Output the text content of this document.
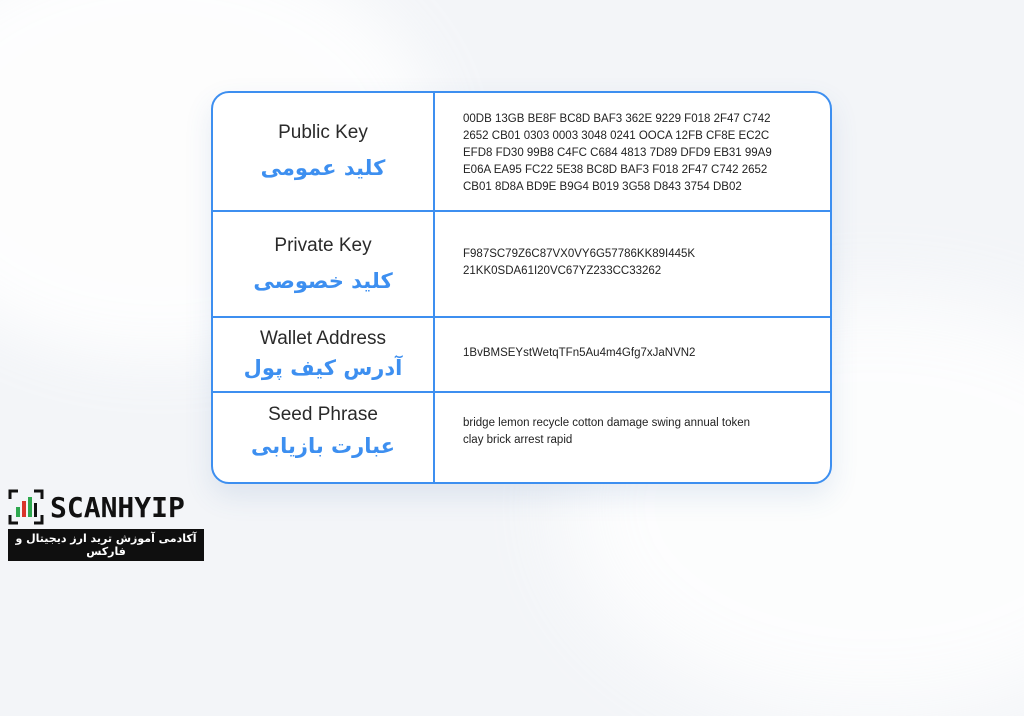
Public Key
کلید عمومی
00DB 13GB BE8F BC8D BAF3 362E 9229 F018 2F47 C742
2652 CB01 0303 0003 3048 0241 OOCA 12FB CF8E EC2C
EFD8 FD30 99B8 C4FC C684 4813 7D89 DFD9 EB31 99A9
E06A EA95 FC22 5E38 BC8D BAF3 F018 2F47 C742 2652
CB01 8D8A BD9E B9G4 B019 3G58 D843 3754 DB02
Private Key
کلید خصوصی
F987SC79Z6C87VX0VY6G57786KK89I445K
21KK0SDA61I20VC67YZ233CC33262
Wallet Address
آدرس کیف پول
1BvBMSEYstWetqTFn5Au4m4Gfg7xJaNVN2
Seed Phrase
عبارت بازیابی
bridge lemon recycle cotton damage swing annual token
clay brick arrest rapid
SCANHYIP
آکادمی آموزش ترید ارز دیجیتال و فارکس
